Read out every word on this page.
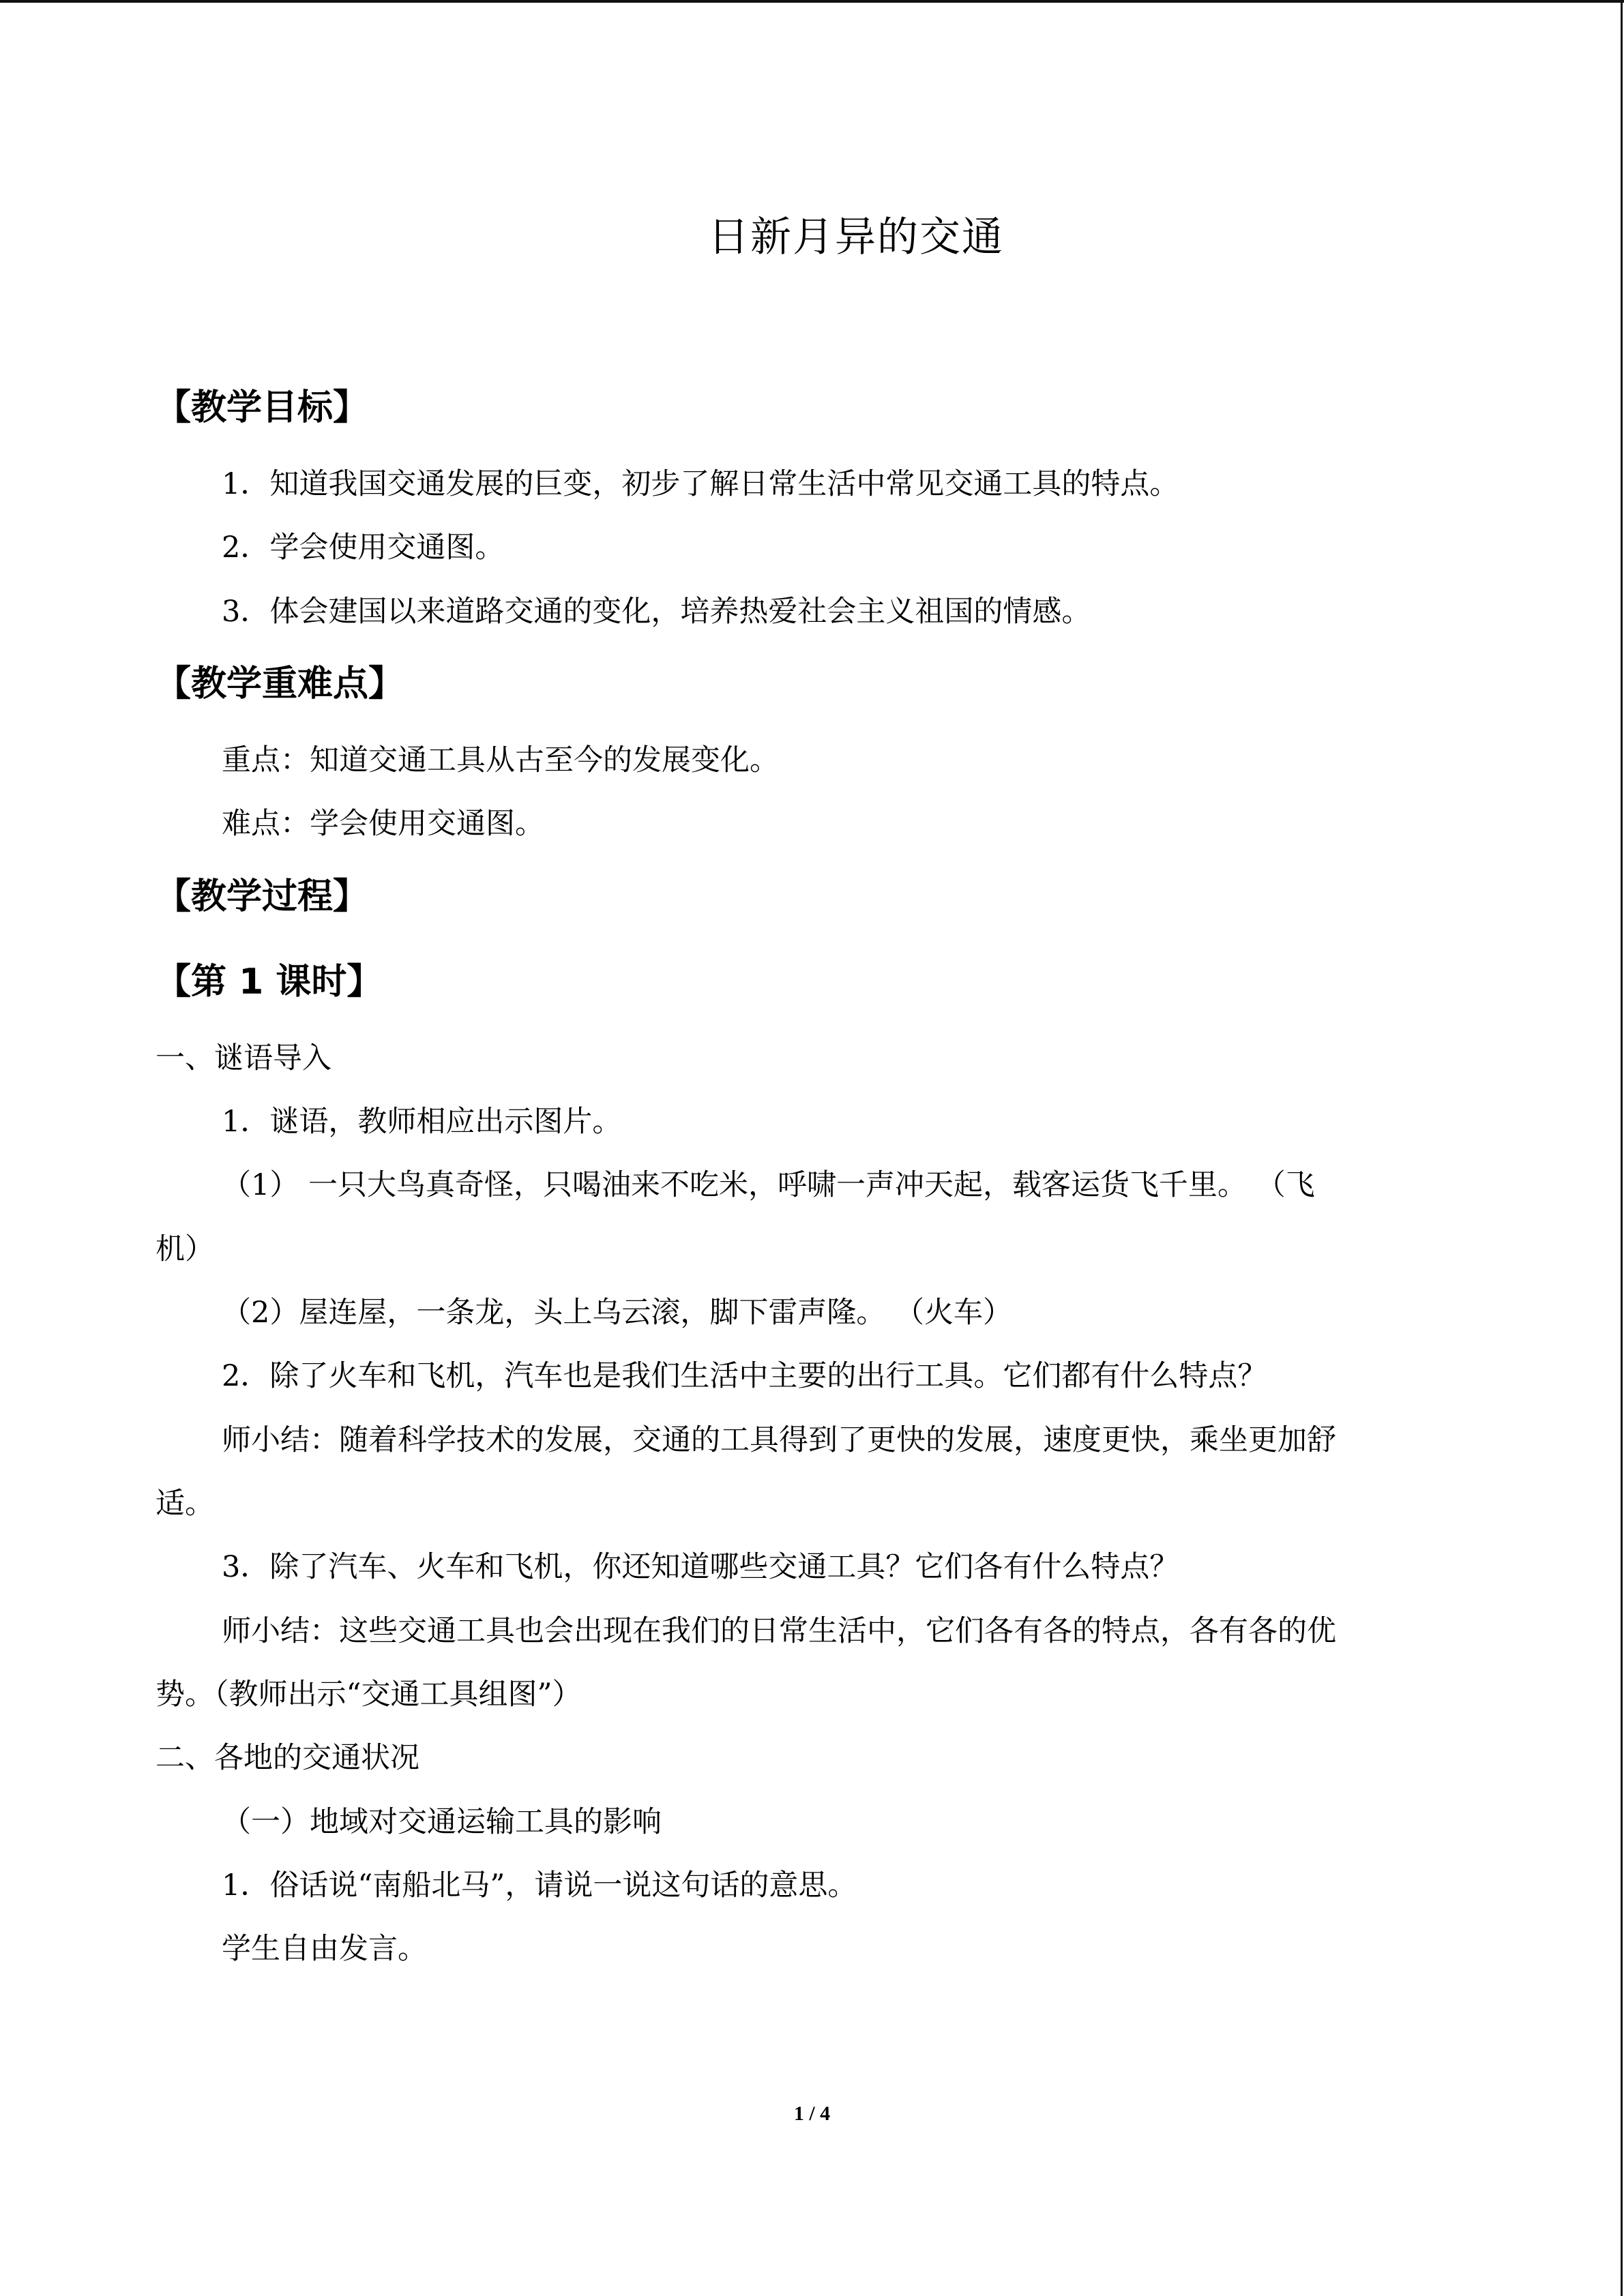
日新月异的交通
【教学目标】
1．知道我国交通发展的巨变，初步了解日常生活中常见交通工具的特点。
2．学会使用交通图。
3．体会建国以来道路交通的变化，培养热爱社会主义祖国的情感。
【教学重难点】
重点：知道交通工具从古至今的发展变化。
难点：学会使用交通图。
【教学过程】
【第 1 课时】
一、谜语导入
1．谜语，教师相应出示图片。
（1） 一只大鸟真奇怪，只喝油来不吃米，呼啸一声冲天起，载客运货飞千里。 （飞
机）
（2）屋连屋，一条龙，头上乌云滚，脚下雷声隆。 （火车）
2．除了火车和飞机，汽车也是我们生活中主要的出行工具。它们都有什么特点？
师小结：随着科学技术的发展，交通的工具得到了更快的发展，速度更快，乘坐更加舒
适。
3．除了汽车、火车和飞机，你还知道哪些交通工具？它们各有什么特点？
师小结：这些交通工具也会出现在我们的日常生活中，它们各有各的特点，各有各的优
势。（教师出示“交通工具组图”）
二、各地的交通状况
（一）地域对交通运输工具的影响
1．俗话说“南船北马”，请说一说这句话的意思。
学生自由发言。
1 / 4
